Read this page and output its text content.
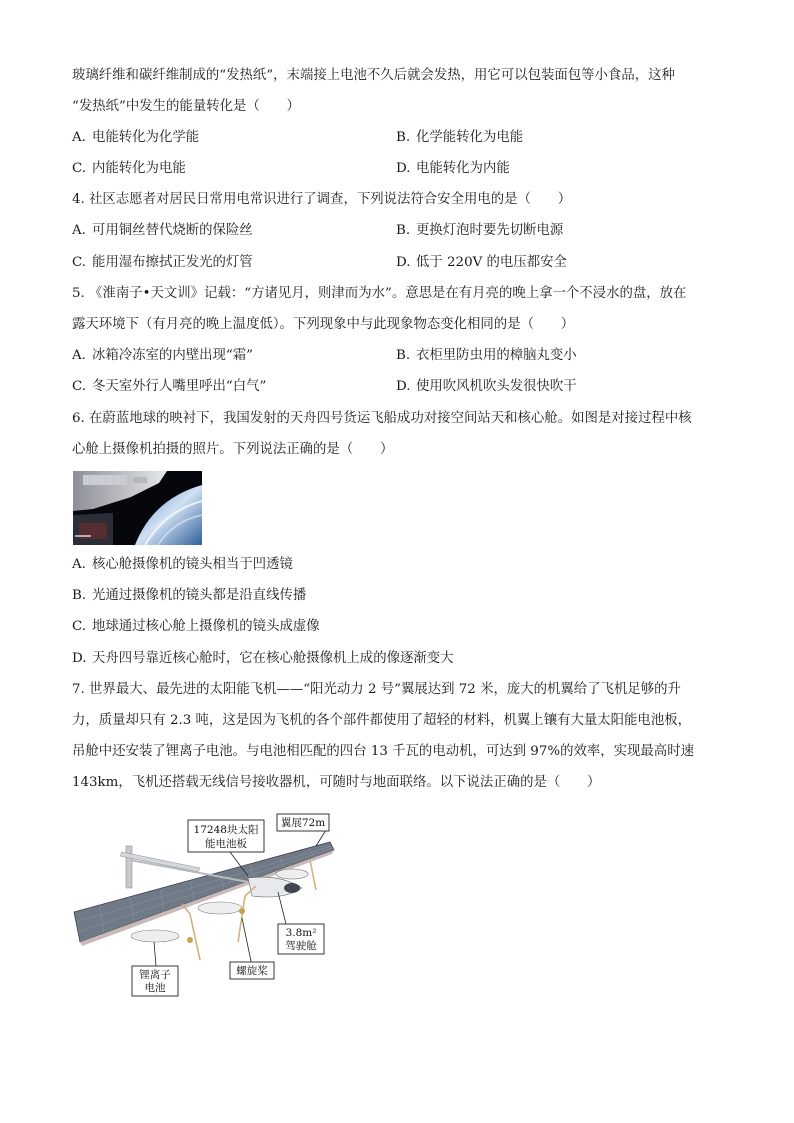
玻璃纤维和碳纤维制成的“发热纸”，末端接上电池不久后就会发热，用它可以包装面包等小食品，这种
“发热纸”中发生的能量转化是（　　）
A. 电能转化为化学能	B. 化学能转化为电能
C. 内能转化为电能	D. 电能转化为内能
4. 社区志愿者对居民日常用电常识进行了调查，下列说法符合安全用电的是（　　）
A. 可用铜丝替代烧断的保险丝	B. 更换灯泡时要先切断电源
C. 能用湿布擦拭正发光的灯管	D. 低于 220V 的电压都安全
5. 《淮南子•天文训》记载：“方诸见月，则津而为水”。意思是在有月亮的晚上拿一个不浸水的盘，放在
露天环境下（有月亮的晚上温度低）。下列现象中与此现象物态变化相同的是（　　）
A. 冰箱冷冻室的内壁出现“霜”	B. 衣柜里防虫用的樟脑丸变小
C. 冬天室外行人嘴里呼出“白气”	D. 使用吹风机吹头发很快吹干
6. 在蔚蓝地球的映衬下，我国发射的天舟四号货运飞船成功对接空间站天和核心舱。如图是对接过程中核
心舱上摄像机拍摄的照片。下列说法正确的是（　　）
A. 核心舱摄像机的镜头相当于凹透镜
B. 光通过摄像机的镜头都是沿直线传播
C. 地球通过核心舱上摄像机的镜头成虚像
D. 天舟四号靠近核心舱时，它在核心舱摄像机上成的像逐渐变大
7. 世界最大、最先进的太阳能飞机——“阳光动力 2 号”翼展达到 72 米，庞大的机翼给了飞机足够的升
力，质量却只有 2.3 吨，这是因为飞机的各个部件都使用了超轻的材料，机翼上镶有大量太阳能电池板，
吊舱中还安装了锂离子电池。与电池相匹配的四台 13 千瓦的电动机，可达到 97%的效率，实现最高时速
143km，飞机还搭载无线信号接收器机，可随时与地面联络。以下说法正确的是（　　）
17248块太阳
能电池板
翼展72m
3.8m²
驾驶舱
锂离子
电池
螺旋桨
